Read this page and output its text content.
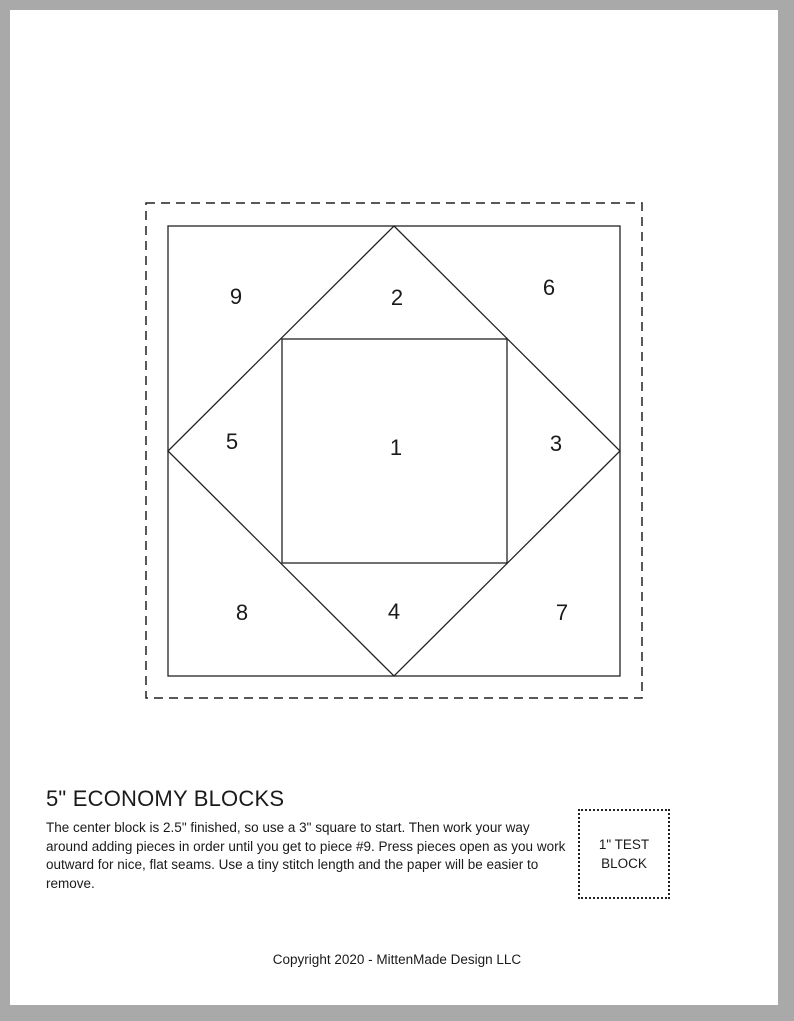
1
2
3
4
5
6
7
8
9
5" ECONOMY BLOCKS

The center block is 2.5" finished, so use a 3" square to start. Then work your way around adding pieces in order until you get to piece #9. Press pieces open as you work outward for nice, flat seams. Use a tiny stitch length and the paper will be easier to remove.

1" TEST BLOCK
Copyright 2020 - MittenMade Design LLC
